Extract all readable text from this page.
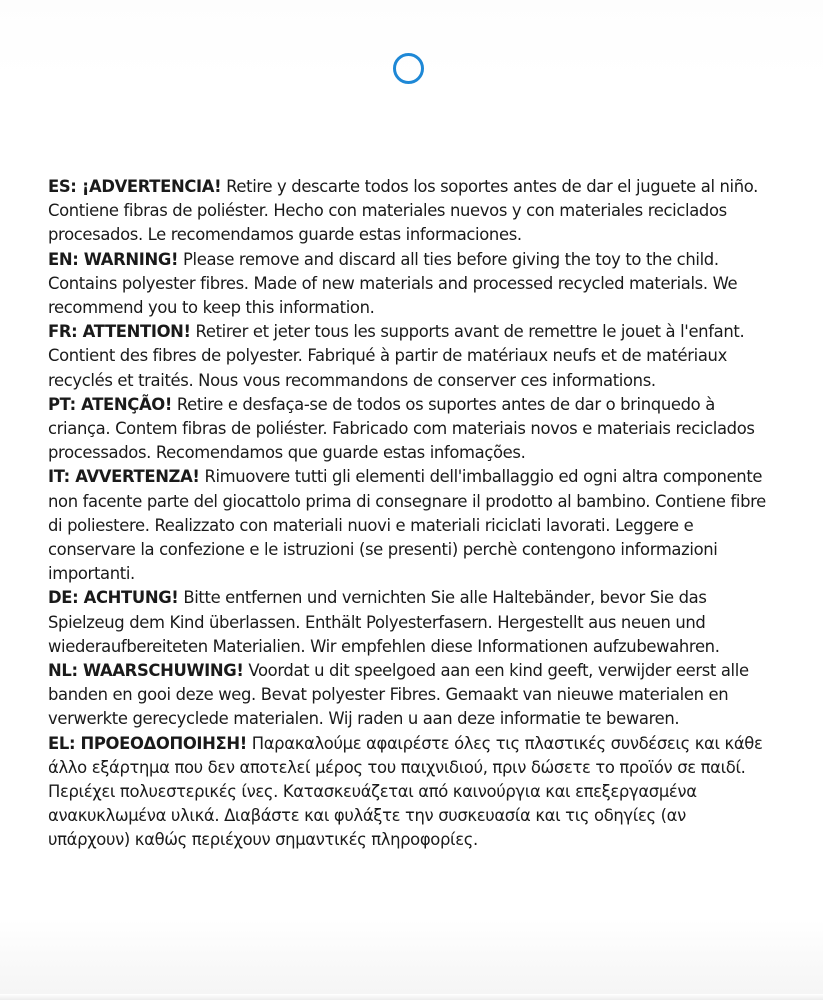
ES: ¡ADVERTENCIA! Retire y descarte todos los soportes antes de dar el juguete al niño. Contiene fibras de poliéster. Hecho con materiales nuevos y con materiales reciclados procesados. Le recomendamos guarde estas informaciones.

EN: WARNING! Please remove and discard all ties before giving the toy to the child. Contains polyester fibres. Made of new materials and processed recycled materials. We recommend you to keep this information.

FR: ATTENTION! Retirer et jeter tous les supports avant de remettre le jouet à l'enfant. Contient des fibres de polyester. Fabriqué à partir de matériaux neufs et de matériaux recyclés et traités. Nous vous recommandons de conserver ces informations.

PT: ATENÇÃO! Retire e desfaça-se de todos os suportes antes de dar o brinquedo à criança. Contem fibras de poliéster. Fabricado com materiais novos e materiais reciclados processados. Recomendamos que guarde estas infomações.

IT: AVVERTENZA! Rimuovere tutti gli elementi dell'imballaggio ed ogni altra componente non facente parte del giocattolo prima di consegnare il prodotto al bambino. Contiene fibre di poliestere. Realizzato con materiali nuovi e materiali riciclati lavorati. Leggere e conservare la confezione e le istruzioni (se presenti) perchè contengono informazioni importanti.

DE: ACHTUNG! Bitte entfernen und vernichten Sie alle Haltebänder, bevor Sie das Spielzeug dem Kind überlassen. Enthält Polyesterfasern. Hergestellt aus neuen und wiederaufbereiteten Materialien. Wir empfehlen diese Informationen aufzubewahren.

NL: WAARSCHUWING! Voordat u dit speelgoed aan een kind geeft, verwijder eerst alle banden en gooi deze weg. Bevat polyester Fibres. Gemaakt van nieuwe materialen en verwerkte gerecyclede materialen. Wij raden u aan deze informatie te bewaren.

EL: ΠΡΟΕΟΔΟΠΟΙΗΣΗ! Παρακαλούμε αφαιρέστε όλες τις πλαστικές συνδέσεις και κάθε άλλο εξάρτημα που δεν αποτελεί μέρος του παιχνιδιού, πριν δώσετε το προϊόν σε παιδί. Περιέχει πολυεστερικές ίνες. Κατασκευάζεται από καινούργια και επεξεργασμένα ανακυκλωμένα υλικά. Διαβάστε και φυλάξτε την συσκευασία και τις οδηγίες (αν υπάρχουν) καθώς περιέχουν σημαντικές πληροφορίες.
